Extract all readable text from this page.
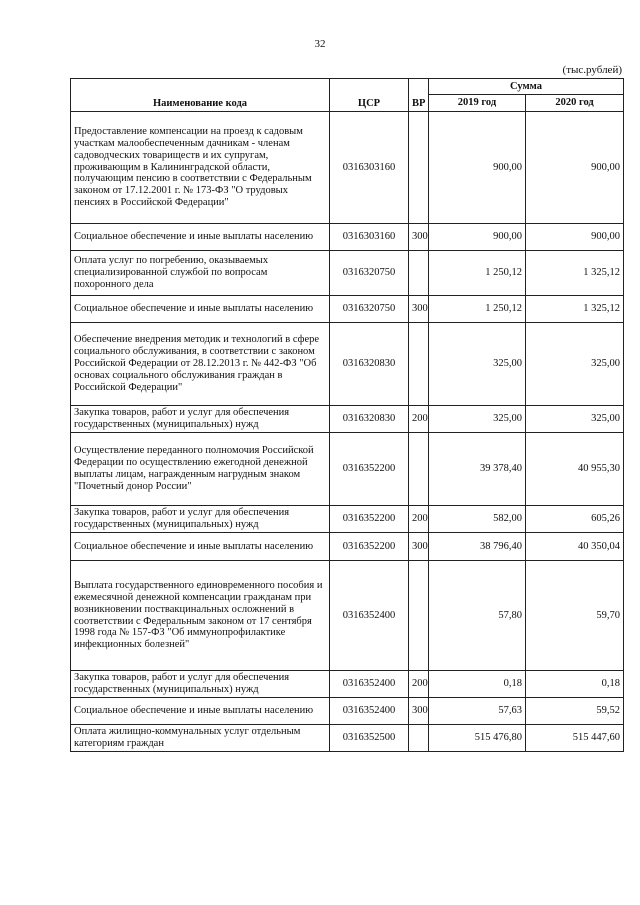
32
(тыс.рублей)
Наименование кода	ЦСР	ВР	Сумма	
			2019 год	2020 год
Предоставление компенсации на проезд к садовым участкам малообеспеченным дачникам - членам садоводческих товариществ и их супругам, проживающим в Калининградской области, получающим пенсию в соответствии с Федеральным законом от 17.12.2001 г. № 173-ФЗ "О трудовых пенсиях в Российской Федерации"	0316303160		900,00	900,00
Социальное обеспечение и иные выплаты населению	0316303160	300	900,00	900,00
Оплата услуг по погребению, оказываемых специализированной службой по вопросам похоронного дела	0316320750		1 250,12	1 325,12
Социальное обеспечение и иные выплаты населению	0316320750	300	1 250,12	1 325,12
Обеспечение внедрения методик и технологий в сфере социального обслуживания, в соответствии с законом Российской Федерации от 28.12.2013 г. № 442-ФЗ "Об основах социального обслуживания граждан в Российской Федерации"	0316320830		325,00	325,00
Закупка товаров, работ и услуг для обеспечения государственных (муниципальных) нужд	0316320830	200	325,00	325,00
Осуществление переданного полномочия Российской Федерации по осуществлению ежегодной денежной выплаты лицам, награжденным нагрудным знаком "Почетный донор России"	0316352200		39 378,40	40 955,30
Закупка товаров, работ и услуг для обеспечения государственных (муниципальных) нужд	0316352200	200	582,00	605,26
Социальное обеспечение и иные выплаты населению	0316352200	300	38 796,40	40 350,04
Выплата государственного единовременного пособия и ежемесячной денежной компенсации гражданам при возникновении поствакцинальных осложнений в соответствии с Федеральным законом от 17 сентября 1998 года № 157-ФЗ "Об иммунопрофилактике инфекционных болезней"	0316352400		57,80	59,70
Закупка товаров, работ и услуг для обеспечения государственных (муниципальных) нужд	0316352400	200	0,18	0,18
Социальное обеспечение и иные выплаты населению	0316352400	300	57,63	59,52
Оплата жилищно-коммунальных услуг отдельным категориям граждан	0316352500		515 476,80	515 447,60
